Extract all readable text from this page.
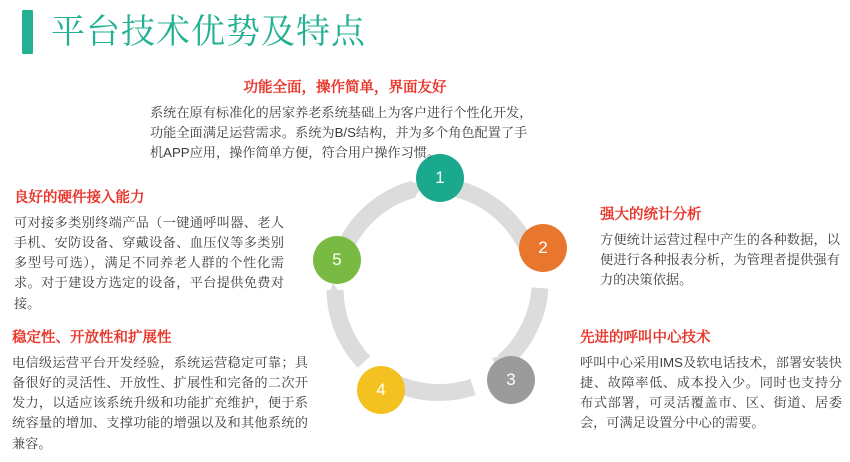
平台技术优势及特点
1
2
3
4
5

功能全面，操作简单，界面友好

系统在原有标准化的居家养老系统基础上为客户进行个性化开发，功能全面满足运营需求。系统为B/S结构，并为多个角色配置了手机APP应用，操作简单方便，符合用户操作习惯。

良好的硬件接入能力

可对接多类别终端产品（一键通呼叫器、老人手机、安防设备、穿戴设备、血压仪等多类别多型号可选），满足不同养老人群的个性化需求。对于建设方选定的设备，平台提供免费对接。

强大的统计分析

方便统计运营过程中产生的各种数据，以便进行各种报表分析，为管理者提供强有力的决策依据。

稳定性、开放性和扩展性

电信级运营平台开发经验，系统运营稳定可靠；具备很好的灵活性、开放性、扩展性和完备的二次开发力，以适应该系统升级和功能扩充维护，便于系统容量的增加、支撑功能的增强以及和其他系统的兼容。

先进的呼叫中心技术

呼叫中心采用IMS及软电话技术，部署安装快捷、故障率低、成本投入少。同时也支持分布式部署，可灵活覆盖市、区、街道、居委会，可满足设置分中心的需要。
